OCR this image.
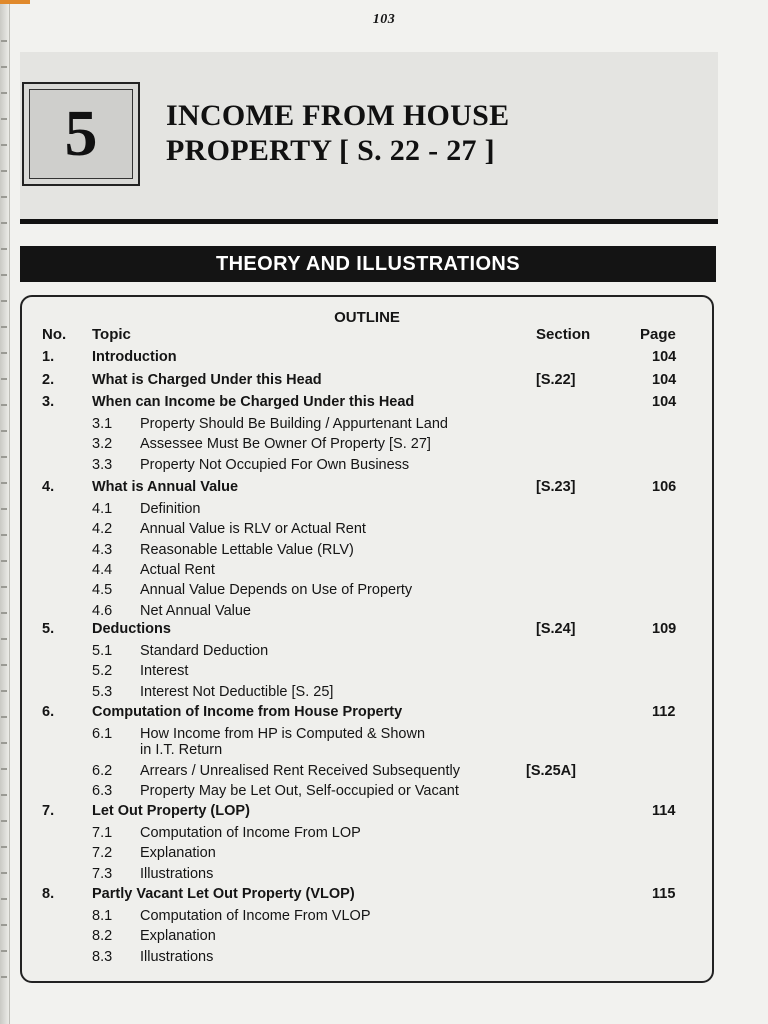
103
5 INCOME FROM HOUSE
PROPERTY [ S. 22 - 27 ]
THEORY AND ILLUSTRATIONS
OUTLINE
No. Topic	Section	Page
1.	Introduction	104
2.	What is Charged Under this Head	[S.22]	104
3.	When can Income be Charged Under this Head	104
3.1 Property Should Be Building / Appurtenant Land
3.2 Assessee Must Be Owner Of Property [S. 27]
3.3 Property Not Occupied For Own Business
4.	What is Annual Value	[S.23]	106
4.1 Definition
4.2 Annual Value is RLV or Actual Rent
4.3 Reasonable Lettable Value (RLV)
4.4 Actual Rent
4.5 Annual Value Depends on Use of Property
4.6 Net Annual Value
5.	Deductions	[S.24]	109
5.1 Standard Deduction
5.2 Interest
5.3 Interest Not Deductible [S. 25]
6.	Computation of Income from House Property	112
6.1 How Income from HP is Computed & Shown
in I.T. Return
6.2 Arrears / Unrealised Rent Received Subsequently	[S.25A]
6.3 Property May be Let Out, Self-occupied or Vacant
7.	Let Out Property (LOP)	114
7.1 Computation of Income From LOP
7.2 Explanation
7.3 Illustrations
8.	Partly Vacant Let Out Property (VLOP)	115
8.1 Computation of Income From VLOP
8.2 Explanation
8.3 Illustrations
